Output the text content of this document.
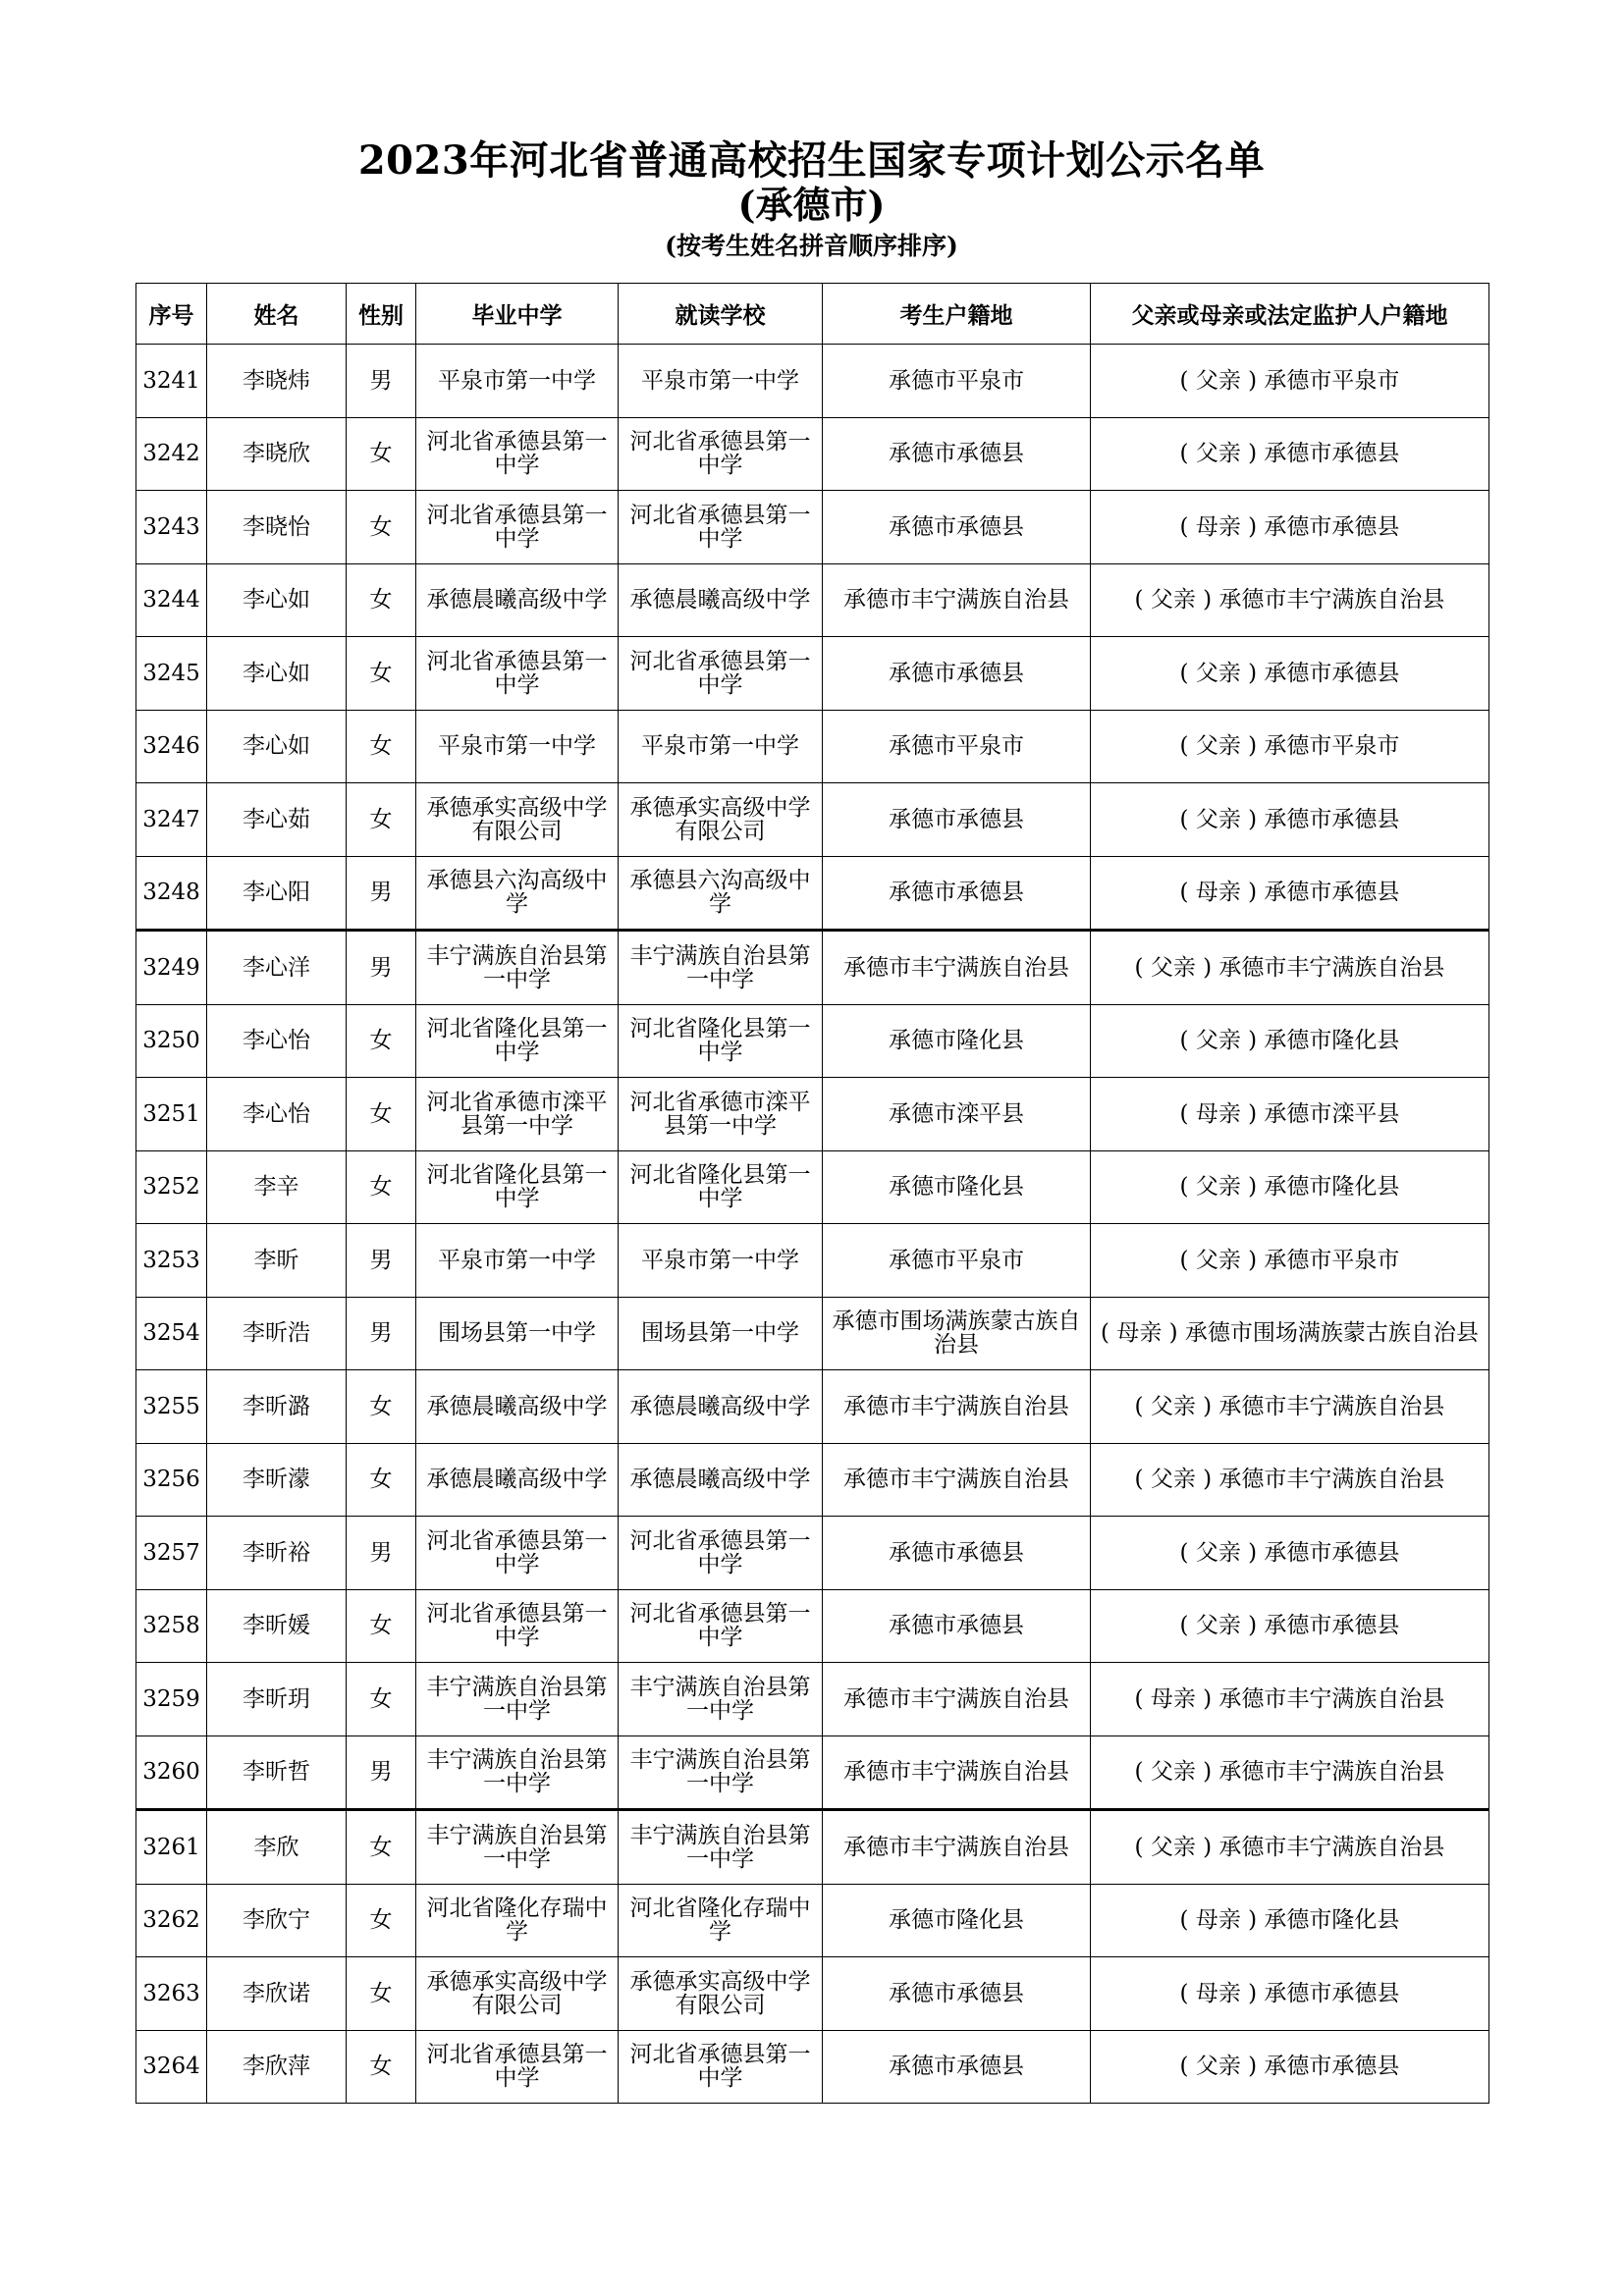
2023年河北省普通高校招生国家专项计划公示名单
(承德市)
(按考生姓名拼音顺序排序)
序号	姓名	性别	毕业中学	就读学校	考生户籍地	父亲或母亲或法定监护人户籍地
3241	李晓炜	男	平泉市第一中学	平泉市第一中学	承德市平泉市	( 父亲 ) 承德市平泉市
3242	李晓欣	女	河北省承德县第一中学	河北省承德县第一中学	承德市承德县	( 父亲 ) 承德市承德县
3243	李晓怡	女	河北省承德县第一中学	河北省承德县第一中学	承德市承德县	( 母亲 ) 承德市承德县
3244	李心如	女	承德晨曦高级中学	承德晨曦高级中学	承德市丰宁满族自治县	( 父亲 ) 承德市丰宁满族自治县
3245	李心如	女	河北省承德县第一中学	河北省承德县第一中学	承德市承德县	( 父亲 ) 承德市承德县
3246	李心如	女	平泉市第一中学	平泉市第一中学	承德市平泉市	( 父亲 ) 承德市平泉市
3247	李心茹	女	承德承实高级中学有限公司	承德承实高级中学有限公司	承德市承德县	( 父亲 ) 承德市承德县
3248	李心阳	男	承德县六沟高级中学	承德县六沟高级中学	承德市承德县	( 母亲 ) 承德市承德县
3249	李心洋	男	丰宁满族自治县第一中学	丰宁满族自治县第一中学	承德市丰宁满族自治县	( 父亲 ) 承德市丰宁满族自治县
3250	李心怡	女	河北省隆化县第一中学	河北省隆化县第一中学	承德市隆化县	( 父亲 ) 承德市隆化县
3251	李心怡	女	河北省承德市滦平县第一中学	河北省承德市滦平县第一中学	承德市滦平县	( 母亲 ) 承德市滦平县
3252	李辛	女	河北省隆化县第一中学	河北省隆化县第一中学	承德市隆化县	( 父亲 ) 承德市隆化县
3253	李昕	男	平泉市第一中学	平泉市第一中学	承德市平泉市	( 父亲 ) 承德市平泉市
3254	李昕浩	男	围场县第一中学	围场县第一中学	承德市围场满族蒙古族自治县	( 母亲 ) 承德市围场满族蒙古族自治县
3255	李昕潞	女	承德晨曦高级中学	承德晨曦高级中学	承德市丰宁满族自治县	( 父亲 ) 承德市丰宁满族自治县
3256	李昕濛	女	承德晨曦高级中学	承德晨曦高级中学	承德市丰宁满族自治县	( 父亲 ) 承德市丰宁满族自治县
3257	李昕裕	男	河北省承德县第一中学	河北省承德县第一中学	承德市承德县	( 父亲 ) 承德市承德县
3258	李昕媛	女	河北省承德县第一中学	河北省承德县第一中学	承德市承德县	( 父亲 ) 承德市承德县
3259	李昕玥	女	丰宁满族自治县第一中学	丰宁满族自治县第一中学	承德市丰宁满族自治县	( 母亲 ) 承德市丰宁满族自治县
3260	李昕哲	男	丰宁满族自治县第一中学	丰宁满族自治县第一中学	承德市丰宁满族自治县	( 父亲 ) 承德市丰宁满族自治县
3261	李欣	女	丰宁满族自治县第一中学	丰宁满族自治县第一中学	承德市丰宁满族自治县	( 父亲 ) 承德市丰宁满族自治县
3262	李欣宁	女	河北省隆化存瑞中学	河北省隆化存瑞中学	承德市隆化县	( 母亲 ) 承德市隆化县
3263	李欣诺	女	承德承实高级中学有限公司	承德承实高级中学有限公司	承德市承德县	( 母亲 ) 承德市承德县
3264	李欣萍	女	河北省承德县第一中学	河北省承德县第一中学	承德市承德县	( 父亲 ) 承德市承德县
